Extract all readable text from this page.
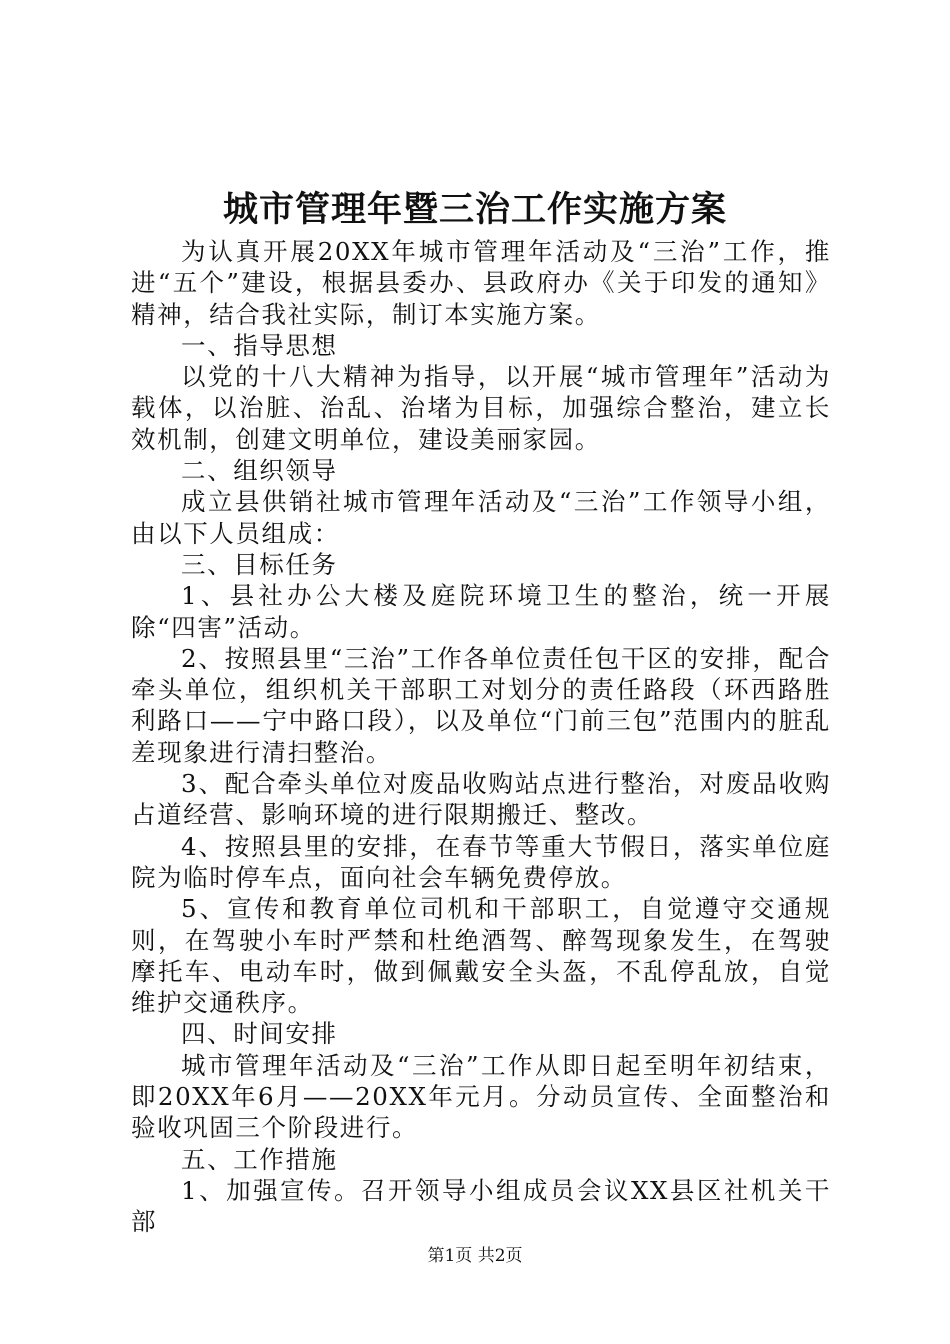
城市管理年暨三治工作实施方案

为认真开展20XX年城市管理年活动及“三治”工作，推进“五个”建设，根据县委办、县政府办《关于印发的通知》精神，结合我社实际，制订本实施方案。

一、指导思想

以党的十八大精神为指导，以开展“城市管理年”活动为载体，以治脏、治乱、治堵为目标，加强综合整治，建立长效机制，创建文明单位，建设美丽家园。

二、组织领导

成立县供销社城市管理年活动及“三治”工作领导小组，由以下人员组成：

三、目标任务

1、县社办公大楼及庭院环境卫生的整治，统一开展除“四害”活动。

2、按照县里“三治”工作各单位责任包干区的安排，配合牵头单位，组织机关干部职工对划分的责任路段（环西路胜利路口——宁中路口段），以及单位“门前三包”范围内的脏乱差现象进行清扫整治。

3、配合牵头单位对废品收购站点进行整治，对废品收购占道经营、影响环境的进行限期搬迁、整改。

4、按照县里的安排，在春节等重大节假日，落实单位庭院为临时停车点，面向社会车辆免费停放。

5、宣传和教育单位司机和干部职工，自觉遵守交通规则，在驾驶小车时严禁和杜绝酒驾、醉驾现象发生，在驾驶摩托车、电动车时，做到佩戴安全头盔，不乱停乱放，自觉维护交通秩序。

四、时间安排

城市管理年活动及“三治”工作从即日起至明年初结束，即20XX年6月——20XX年元月。分动员宣传、全面整治和验收巩固三个阶段进行。

五、工作措施

1、加强宣传。召开领导小组成员会议XX县区社机关干部

第1页 共2页
